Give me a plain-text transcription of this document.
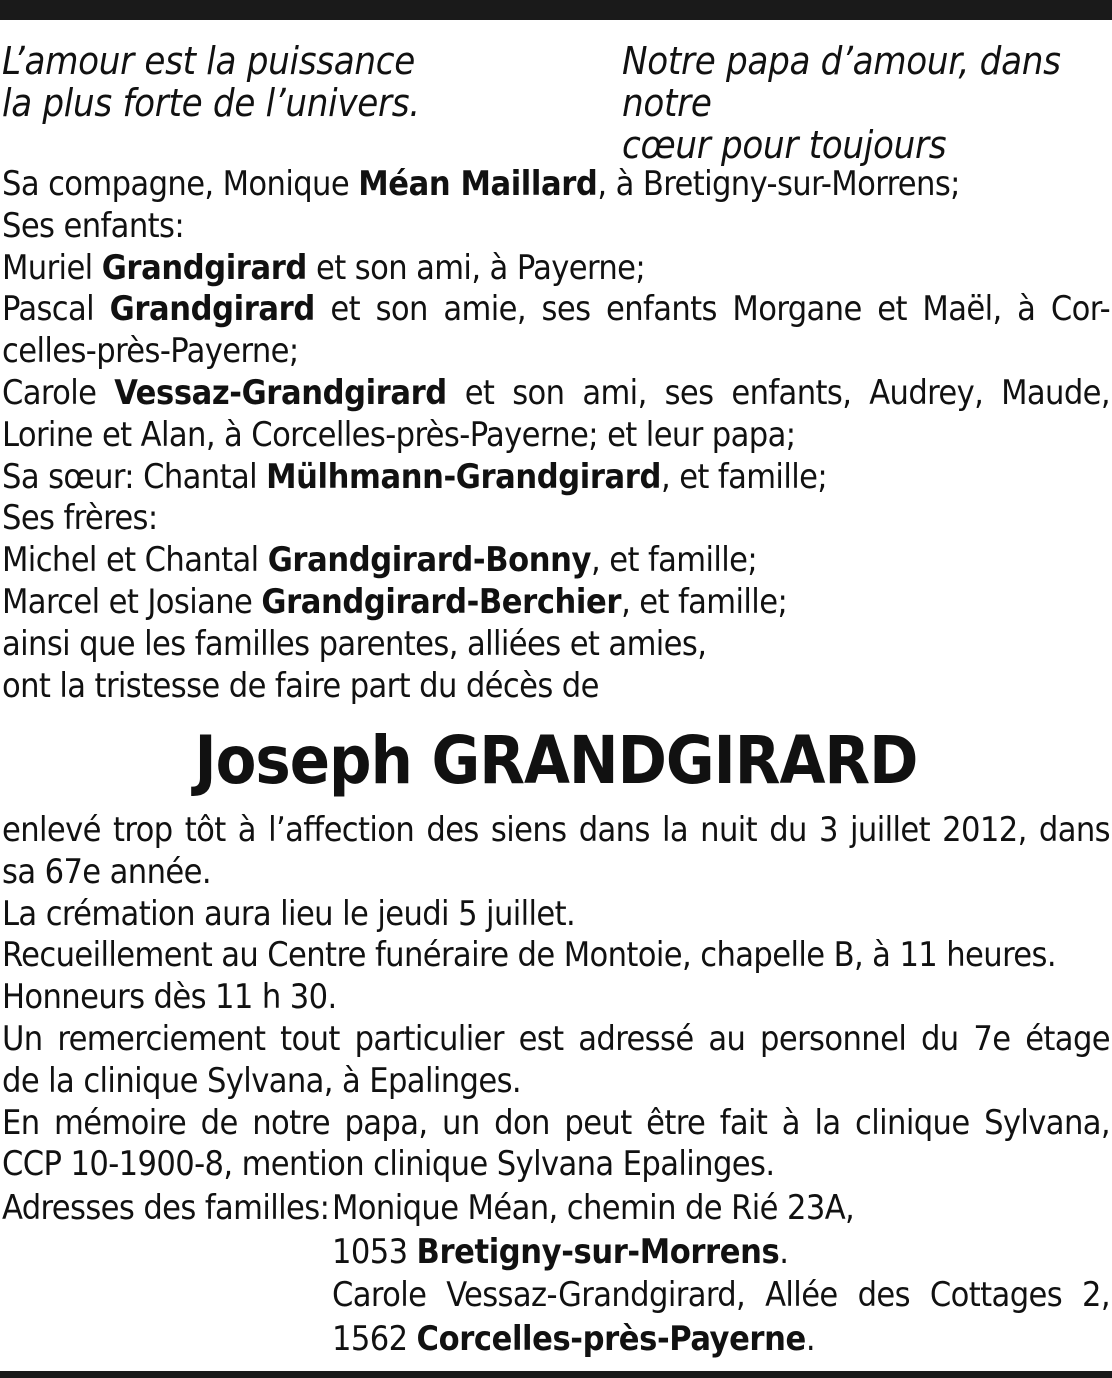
L’amour est la puissance
la plus forte de l’univers.
Notre papa d’amour, dans notre
cœur pour toujours
Sa compagne, Monique Méan Maillard, à Bretigny-sur-Morrens;
Ses enfants:
Muriel Grandgirard et son ami, à Payerne;
Pascal Grandgirard et son amie, ses enfants Morgane et Maël, à Cor-
celles-près-Payerne;
Carole Vessaz-Grandgirard et son ami, ses enfants, Audrey, Maude,
Lorine et Alan, à Corcelles-près-Payerne; et leur papa;
Sa sœur: Chantal Mülhmann-Grandgirard, et famille;
Ses frères:
Michel et Chantal Grandgirard-Bonny, et famille;
Marcel et Josiane Grandgirard-Berchier, et famille;
ainsi que les familles parentes, alliées et amies,
ont la tristesse de faire part du décès de
Joseph GRANDGIRARD
enlevé trop tôt à l’affection des siens dans la nuit du 3 juillet 2012, dans
sa 67e année.
La crémation aura lieu le jeudi 5 juillet.
Recueillement au Centre funéraire de Montoie, chapelle B, à 11 heures.
Honneurs dès 11 h 30.
Un remerciement tout particulier est adressé au personnel du 7e étage
de la clinique Sylvana, à Epalinges.
En mémoire de notre papa, un don peut être fait à la clinique Sylvana,
CCP 10-1900-8, mention clinique Sylvana Epalinges.
Adresses des familles: Monique Méan, chemin de Rié 23A,
1053 Bretigny-sur-Morrens.
Carole Vessaz-Grandgirard, Allée des Cottages 2,
1562 Corcelles-près-Payerne.
